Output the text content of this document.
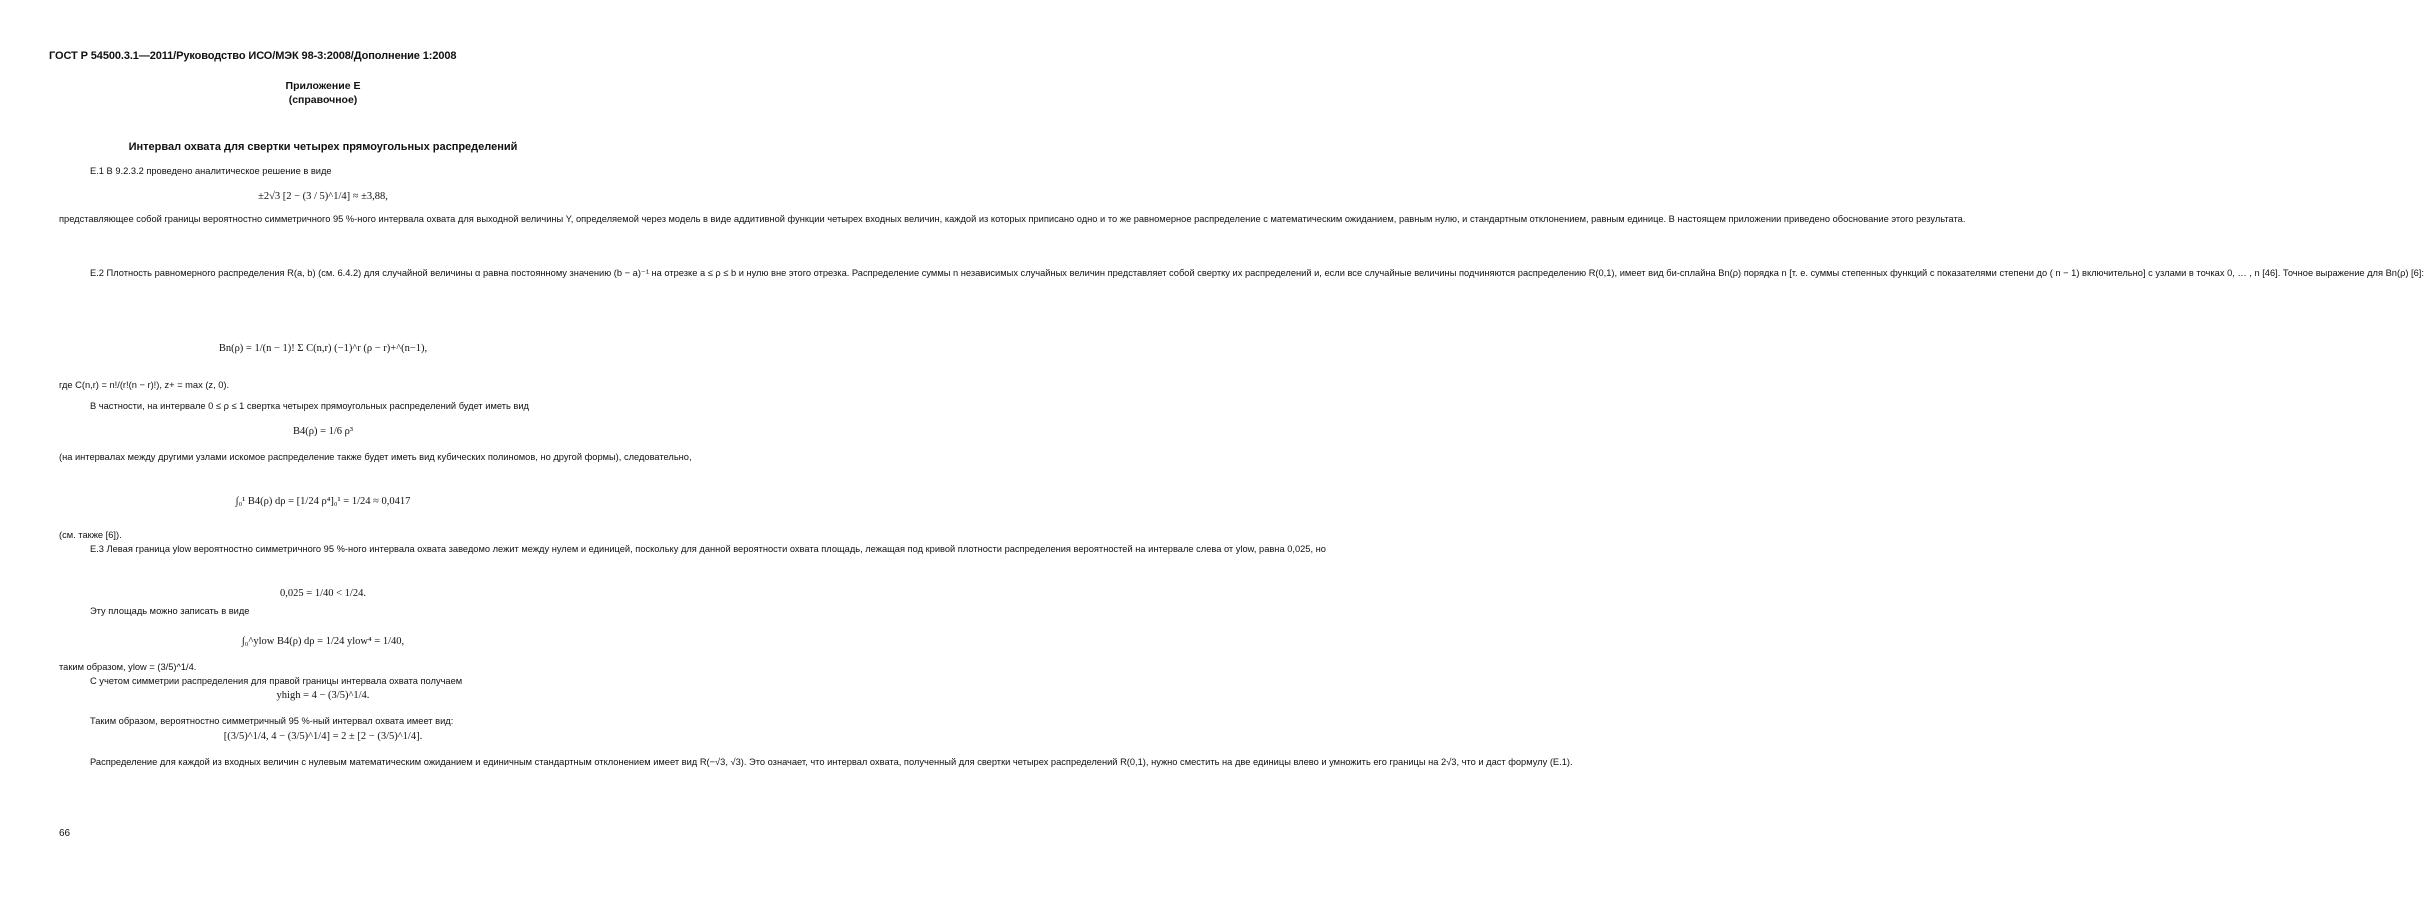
ГОСТ Р 54500.3.1—2011/Руководство ИСО/МЭК 98-3:2008/Дополнение 1:2008
Приложение Е
(справочное)
Интервал охвата для свертки четырех прямоугольных распределений
Е.1 В 9.2.3.2 проведено аналитическое решение в виде
±2√3 [2 − (3 / 5)^1/4] ≈ ±3,88,
представляющее собой границы вероятностно симметричного 95 %-ного интервала охвата для выходной величины Y, определяемой через модель в виде аддитивной функции четырех входных величин, каждой из которых приписано одно и то же равномерное распределение с математическим ожиданием, равным нулю, и стандартным отклонением, равным единице. В настоящем приложении приведено обоснование этого результата.
Е.2 Плотность равномерного распределения R(a, b) (см. 6.4.2) для случайной величины α равна постоянному значению (b − a)⁻¹ на отрезке a ≤ ρ ≤ b и нулю вне этого отрезка. Распределение суммы n независимых случайных величин представляет собой свертку их распределений и, если все случайные величины подчиняются распределению R(0,1), имеет вид би-сплайна Bn(ρ) порядка n [т. е. суммы степенных функций с показателями степени до ( n − 1) включительно] с узлами в точках 0, … , n [46]. Точное выражение для Bn(ρ) [6]:
Bn(ρ) = 1/(n − 1)! Σ C(n,r) (−1)^r (ρ − r)+^(n−1),
где C(n,r) = n!/(r!(n − r)!), z+ = max (z, 0).
В частности, на интервале 0 ≤ ρ ≤ 1 свертка четырех прямоугольных распределений будет иметь вид
B4(ρ) = 1/6 ρ³
(на интервалах между другими узлами искомое распределение также будет иметь вид кубических полиномов, но другой формы), следовательно,
∫₀¹ B4(ρ) dρ = [1/24 ρ⁴]₀¹ = 1/24 ≈ 0,0417
(см. также [6]).
Е.3 Левая граница ylow вероятностно симметричного 95 %-ного интервала охвата заведомо лежит между нулем и единицей, поскольку для данной вероятности охвата площадь, лежащая под кривой плотности распределения вероятностей на интервале слева от ylow, равна 0,025, но
0,025 = 1/40 < 1/24.
Эту площадь можно записать в виде
∫₀^ylow B4(ρ) dρ = 1/24 ylow⁴ = 1/40,
таким образом, ylow = (3/5)^1/4.
С учетом симметрии распределения для правой границы интервала охвата получаем
yhigh = 4 − (3/5)^1/4.
Таким образом, вероятностно симметричный 95 %-ный интервал охвата имеет вид:
[(3/5)^1/4, 4 − (3/5)^1/4] = 2 ± [2 − (3/5)^1/4].
Распределение для каждой из входных величин с нулевым математическим ожиданием и единичным стандартным отклонением имеет вид R(−√3, √3). Это означает, что интервал охвата, полученный для свертки четырех распределений R(0,1), нужно сместить на две единицы влево и умножить его границы на 2√3, что и даст формулу (Е.1).
66
